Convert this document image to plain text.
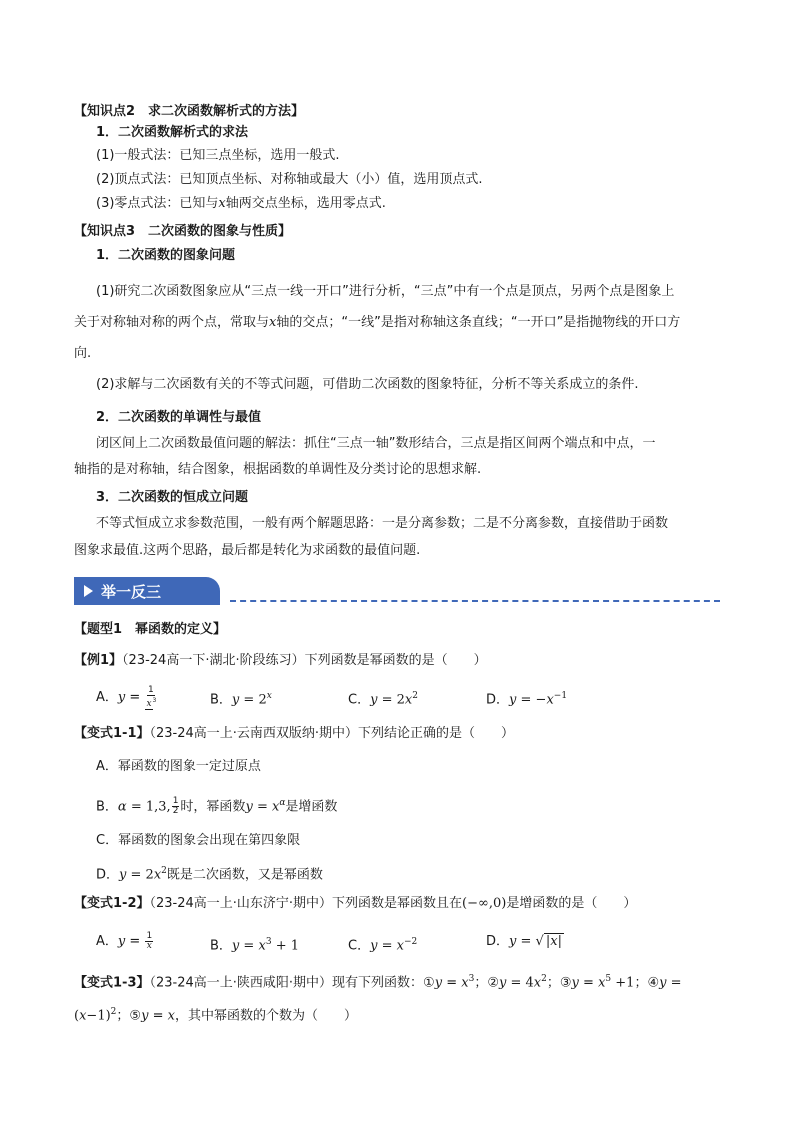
【知识点2　求二次函数解析式的方法】
1．二次函数解析式的求法
(1)一般式法：已知三点坐标，选用一般式.
(2)顶点式法：已知顶点坐标、对称轴或最大（小）值，选用顶点式.
(3)零点式法：已知与x轴两交点坐标，选用零点式.
【知识点3　二次函数的图象与性质】
1．二次函数的图象问题
(1)研究二次函数图象应从“三点一线一开口”进行分析，“三点”中有一个点是顶点，另两个点是图象上
关于对称轴对称的两个点，常取与x轴的交点；“一线”是指对称轴这条直线；“一开口”是指抛物线的开口方
向.
(2)求解与二次函数有关的不等式问题，可借助二次函数的图象特征，分析不等关系成立的条件.
2．二次函数的单调性与最值
闭区间上二次函数最值问题的解法：抓住“三点一轴”数形结合，三点是指区间两个端点和中点，一
轴指的是对称轴，结合图象，根据函数的单调性及分类讨论的思想求解.
3．二次函数的恒成立问题
不等式恒成立求参数范围，一般有两个解题思路：一是分离参数；二是不分离参数，直接借助于函数
图象求最值.这两个思路，最后都是转化为求函数的最值问题.
举一反三
【题型1　幂函数的定义】
【例1】（23-24高一下·湖北·阶段练习）下列函数是幂函数的是（　　）
A．$y = \frac{1}{x^3}$	B．$y = 2^x$	C．$y = 2x^2$	D．$y = -x^{-1}$
【变式1-1】（23-24高一上·云南西双版纳·期中）下列结论正确的是（　　）
A．幂函数的图象一定过原点
B．α = 1,3, $\frac{1}{2}$ 时，幂函数$y = x^\alpha$是增函数
C．幂函数的图象会出现在第四象限
D．$y = 2x^2$既是二次函数，又是幂函数
【变式1-2】（23-24高一上·山东济宁·期中）下列函数是幂函数且在(−∞,0)是增函数的是（　　）
A．$y = \frac{1}{x}$	B．$y = x^3 + 1$	C．$y = x^{-2}$	D．y = √ |x|
【变式1-3】（23-24高一上·陕西咸阳·期中）现有下列函数：①y = $x^3$；②y = $4x^2$；③y = $x^5 +1$；④y =
$(x-1)^2$；⑤y = x，其中幂函数的个数为（　　）
